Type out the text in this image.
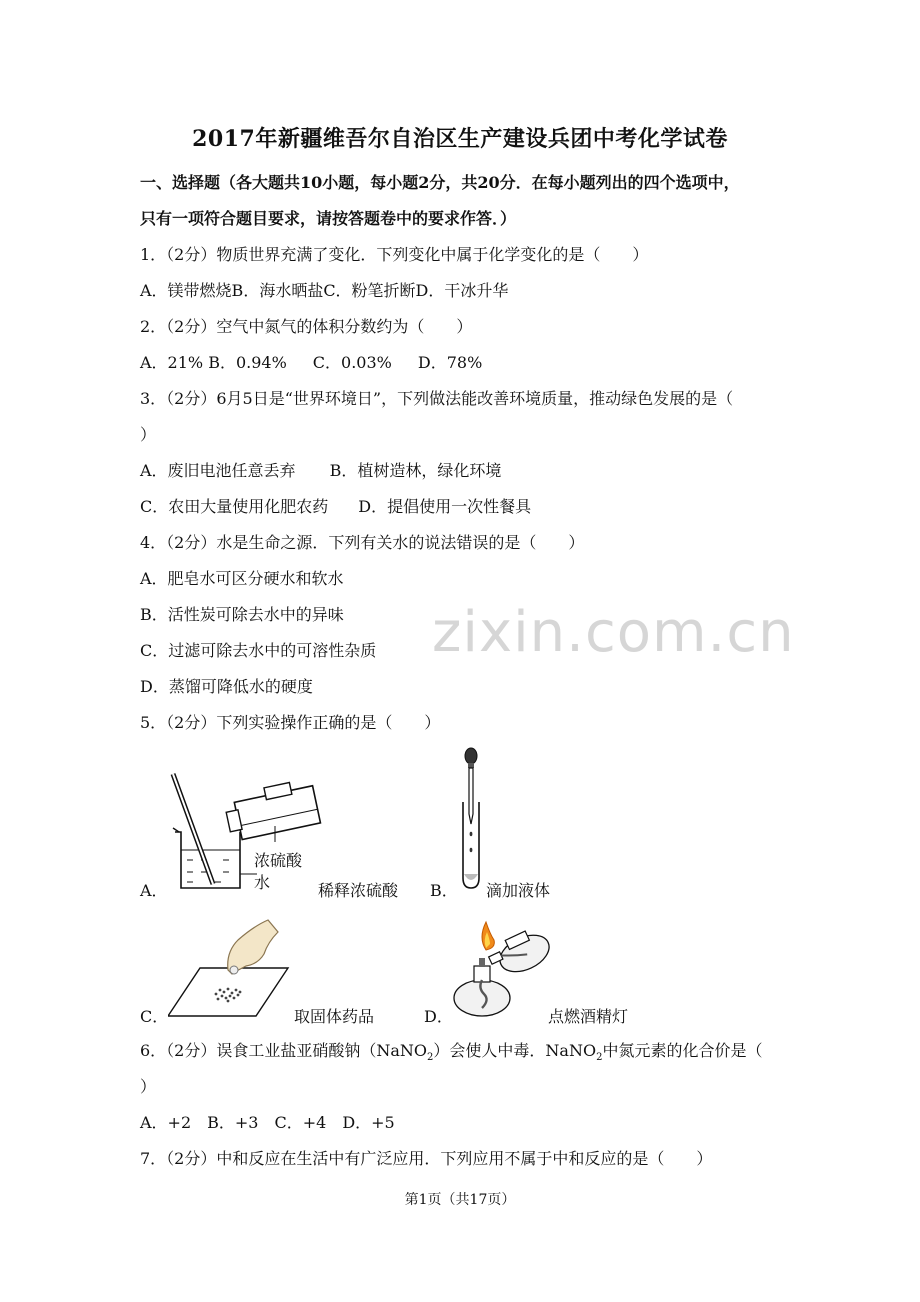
zixin.com.cn
2017年新疆维吾尔自治区生产建设兵团中考化学试卷
一、选择题（各大题共10小题，每小题2分，共20分．在每小题列出的四个选项中，
只有一项符合题目要求，请按答题卷中的要求作答．）
1．（2分）物质世界充满了变化．下列变化中属于化学变化的是（　　）
A．镁带燃烧B．海水晒盐C．粉笔折断D．干冰升华
2．（2分）空气中氮气的体积分数约为（　　）
A．21% B．0.94% C．0.03% D．78%
3．（2分）6月5日是“世界环境日”，下列做法能改善环境质量，推动绿色发展的是（
）
A．废旧电池任意丢弃 B．植树造林，绿化环境
C．农田大量使用化肥农药 D．提倡使用一次性餐具
4．（2分）水是生命之源．下列有关水的说法错误的是（　　）
A．肥皂水可区分硬水和软水
B．活性炭可除去水中的异味
C．过滤可除去水中的可溶性杂质
D．蒸馏可降低水的硬度
5．（2分）下列实验操作正确的是（　　）
A．
浓硫酸
水	稀释浓硫酸 B． 滴加液体
C．	取固体药品	D．	点燃酒精灯
6．（2分）误食工业盐亚硝酸钠（NaNO$_2$）会使人中毒．NaNO$_2$中氮元素的化合价是（
）
A．+2　B．+3　C．+4　D．+5
7．（2分）中和反应在生活中有广泛应用．下列应用不属于中和反应的是（　　）
第1页（共17页）
